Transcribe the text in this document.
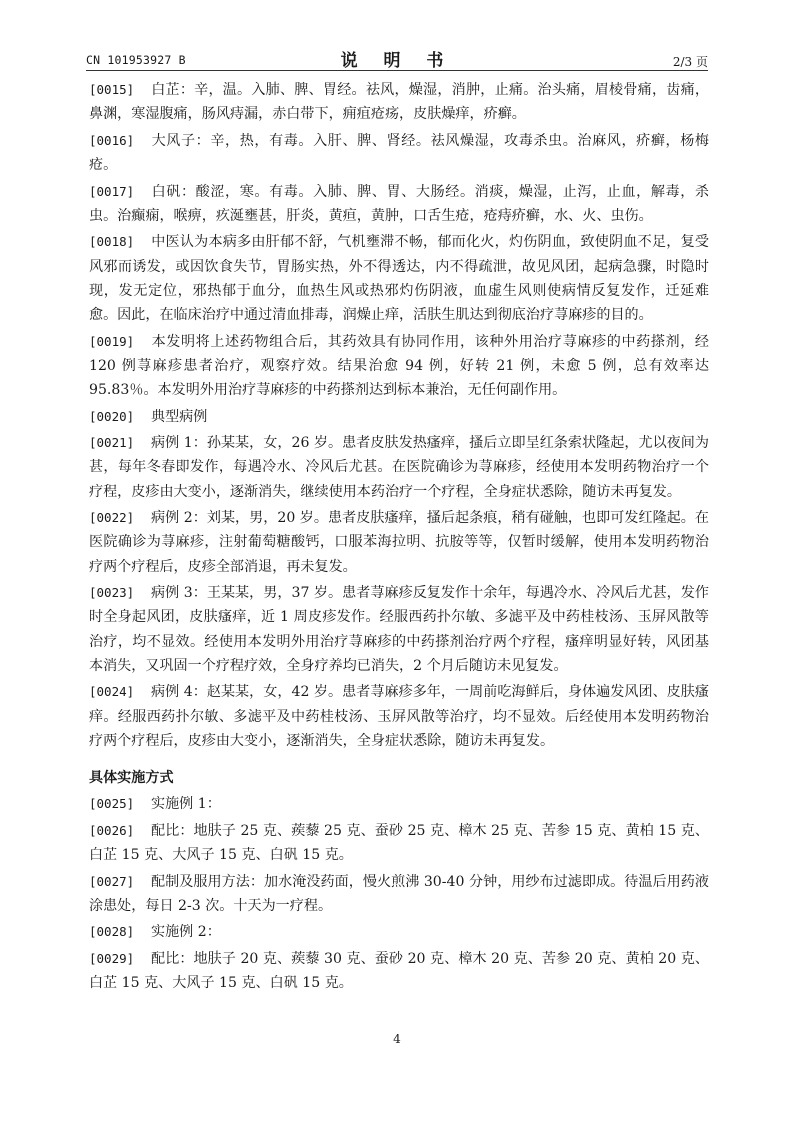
CN 101953927 B	说 明 书	2/3 页

[0015] 白芷：辛，温。入肺、脾、胃经。祛风，燥湿，消肿，止痛。治头痛，眉棱骨痛，齿痛，鼻渊，寒湿腹痛，肠风痔漏，赤白带下，痈疽疮疡，皮肤燥痒，疥癣。

[0016] 大风子：辛，热，有毒。入肝、脾、肾经。祛风燥湿，攻毒杀虫。治麻风，疥癣，杨梅疮。

[0017] 白矾：酸涩，寒。有毒。入肺、脾、胃、大肠经。消痰，燥湿，止泻，止血，解毒，杀虫。治癫痫，喉痹，疚涎壅甚，肝炎，黄疸，黄肿，口舌生疮，疮痔疥癣，水、火、虫伤。

[0018] 中医认为本病多由肝郁不舒，气机壅滞不畅，郁而化火，灼伤阴血，致使阴血不足，复受风邪而诱发，或因饮食失节，胃肠实热，外不得透达，内不得疏泄，故见风团，起病急骤，时隐时现，发无定位，邪热郁于血分，血热生风或热邪灼伤阴液，血虚生风则使病情反复发作，迁延难愈。因此，在临床治疗中通过清血排毒，润燥止痒，活肤生肌达到彻底治疗荨麻疹的目的。

[0019] 本发明将上述药物组合后，其药效具有协同作用，该种外用治疗荨麻疹的中药搽剂，经 120 例荨麻疹患者治疗，观察疗效。结果治愈 94 例，好转 21 例，未愈 5 例，总有效率达 95.83％。本发明外用治疗荨麻疹的中药搽剂达到标本兼治，无任何副作用。

[0020] 典型病例

[0021] 病例 1：孙某某，女，26 岁。患者皮肤发热瘙痒，搔后立即呈红条索状隆起，尤以夜间为甚，每年冬春即发作，每遇冷水、冷风后尤甚。在医院确诊为荨麻疹，经使用本发明药物治疗一个疗程，皮疹由大变小，逐渐消失，继续使用本药治疗一个疗程，全身症状悉除，随访未再复发。

[0022] 病例 2：刘某，男，20 岁。患者皮肤瘙痒，搔后起条痕，稍有碰触，也即可发红隆起。在医院确诊为荨麻疹，注射葡萄糖酸钙，口服苯海拉明、抗胺等等，仅暂时缓解，使用本发明药物治疗两个疗程后，皮疹全部消退，再未复发。

[0023] 病例 3：王某某，男，37 岁。患者荨麻疹反复发作十余年，每遇冷水、冷风后尤甚，发作时全身起风团，皮肤瘙痒，近 1 周皮疹发作。经服西药扑尔敏、多滤平及中药桂枝汤、玉屏风散等治疗，均不显效。经使用本发明外用治疗荨麻疹的中药搽剂治疗两个疗程，瘙痒明显好转，风团基本消失，又巩固一个疗程疗效，全身疗养均已消失，2 个月后随访未见复发。

[0024] 病例 4：赵某某，女，42 岁。患者荨麻疹多年，一周前吃海鲜后，身体遍发风团、皮肤瘙痒。经服西药扑尔敏、多滤平及中药桂枝汤、玉屏风散等治疗，均不显效。后经使用本发明药物治疗两个疗程后，皮疹由大变小，逐渐消失，全身症状悉除，随访未再复发。

具体实施方式

[0025] 实施例 1：

[0026] 配比：地肤子 25 克、蒺藜 25 克、蚕砂 25 克、樟木 25 克、苦参 15 克、黄柏 15 克、白芷 15 克、大风子 15 克、白矾 15 克。

[0027] 配制及服用方法：加水淹没药面，慢火煎沸 30-40 分钟，用纱布过滤即成。待温后用药液涂患处，每日 2-3 次。十天为一疗程。

[0028] 实施例 2：

[0029] 配比：地肤子 20 克、蒺藜 30 克、蚕砂 20 克、樟木 20 克、苦参 20 克、黄柏 20 克、白芷 15 克、大风子 15 克、白矾 15 克。

4
